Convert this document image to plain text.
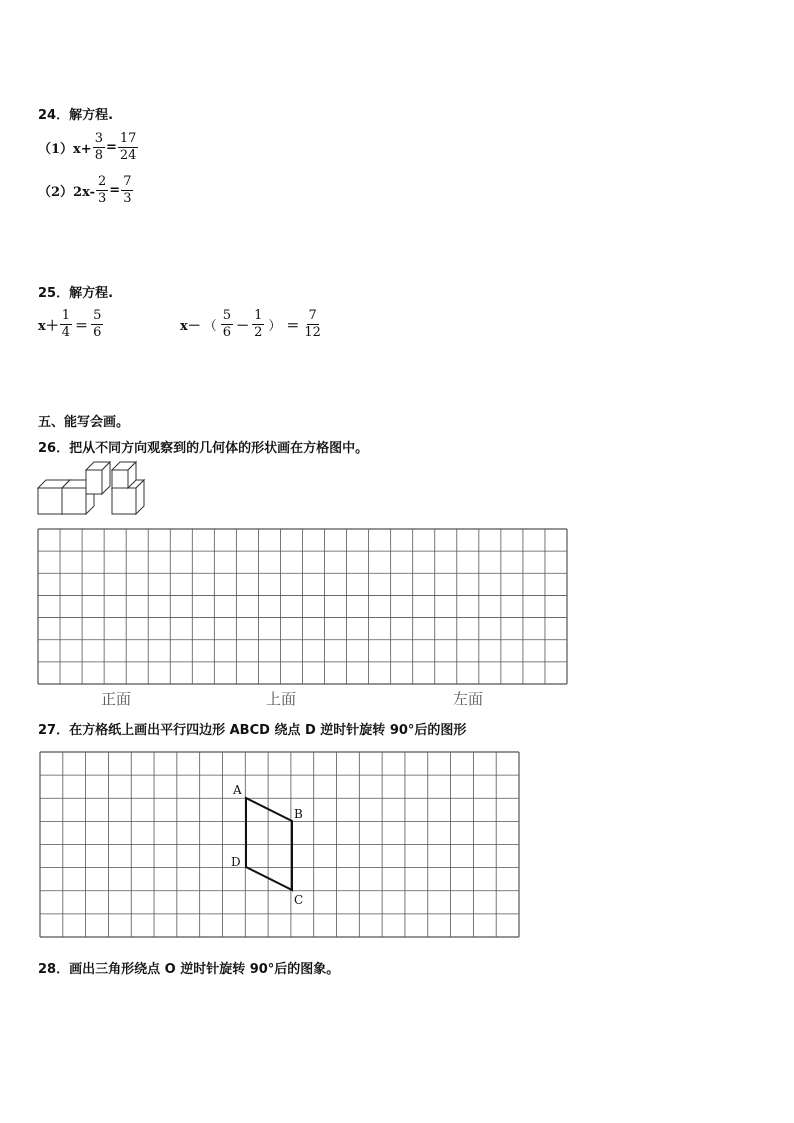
24．解方程.
$(1)x+ \frac{3}{8} = \frac{17}{24}$
$(2)2x- \frac{2}{3} = \frac{7}{3}$
25．解方程.
$x+ \frac{1}{4} = \frac{5}{6}$	x－ （ $\frac{5}{6} - \frac{1}{2}$ ） ＝ $\frac{7}{12}$
五、能写会画。
26．把从不同方向观察到的几何体的形状画在方格图中。
正面	上面	左面
27．在方格纸上画出平行四边形 ABCD 绕点 D 逆时针旋转 90°后的图形
A
B
C
D
28．画出三角形绕点 O 逆时针旋转 90°后的图象。
